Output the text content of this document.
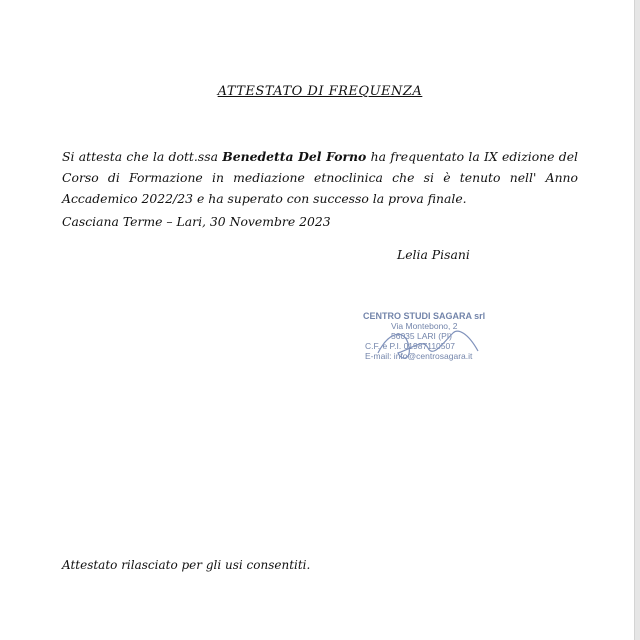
ATTESTATO DI FREQUENZA
Si attesta che la dott.ssa Benedetta Del Forno ha frequentato la IX edizione del Corso di Formazione in mediazione etnoclinica che si è tenuto nell' Anno Accademico 2022/23 e ha superato con successo la prova finale.
Casciana Terme – Lari, 30 Novembre 2023
Lelia Pisani
CENTRO STUDI SAGARA srl
Via Montebono, 2
56035 LARI (PI)
C.F. e P.I. 01987110507
E-mail: info@centrosagara.it
Attestato rilasciato per gli usi consentiti.
